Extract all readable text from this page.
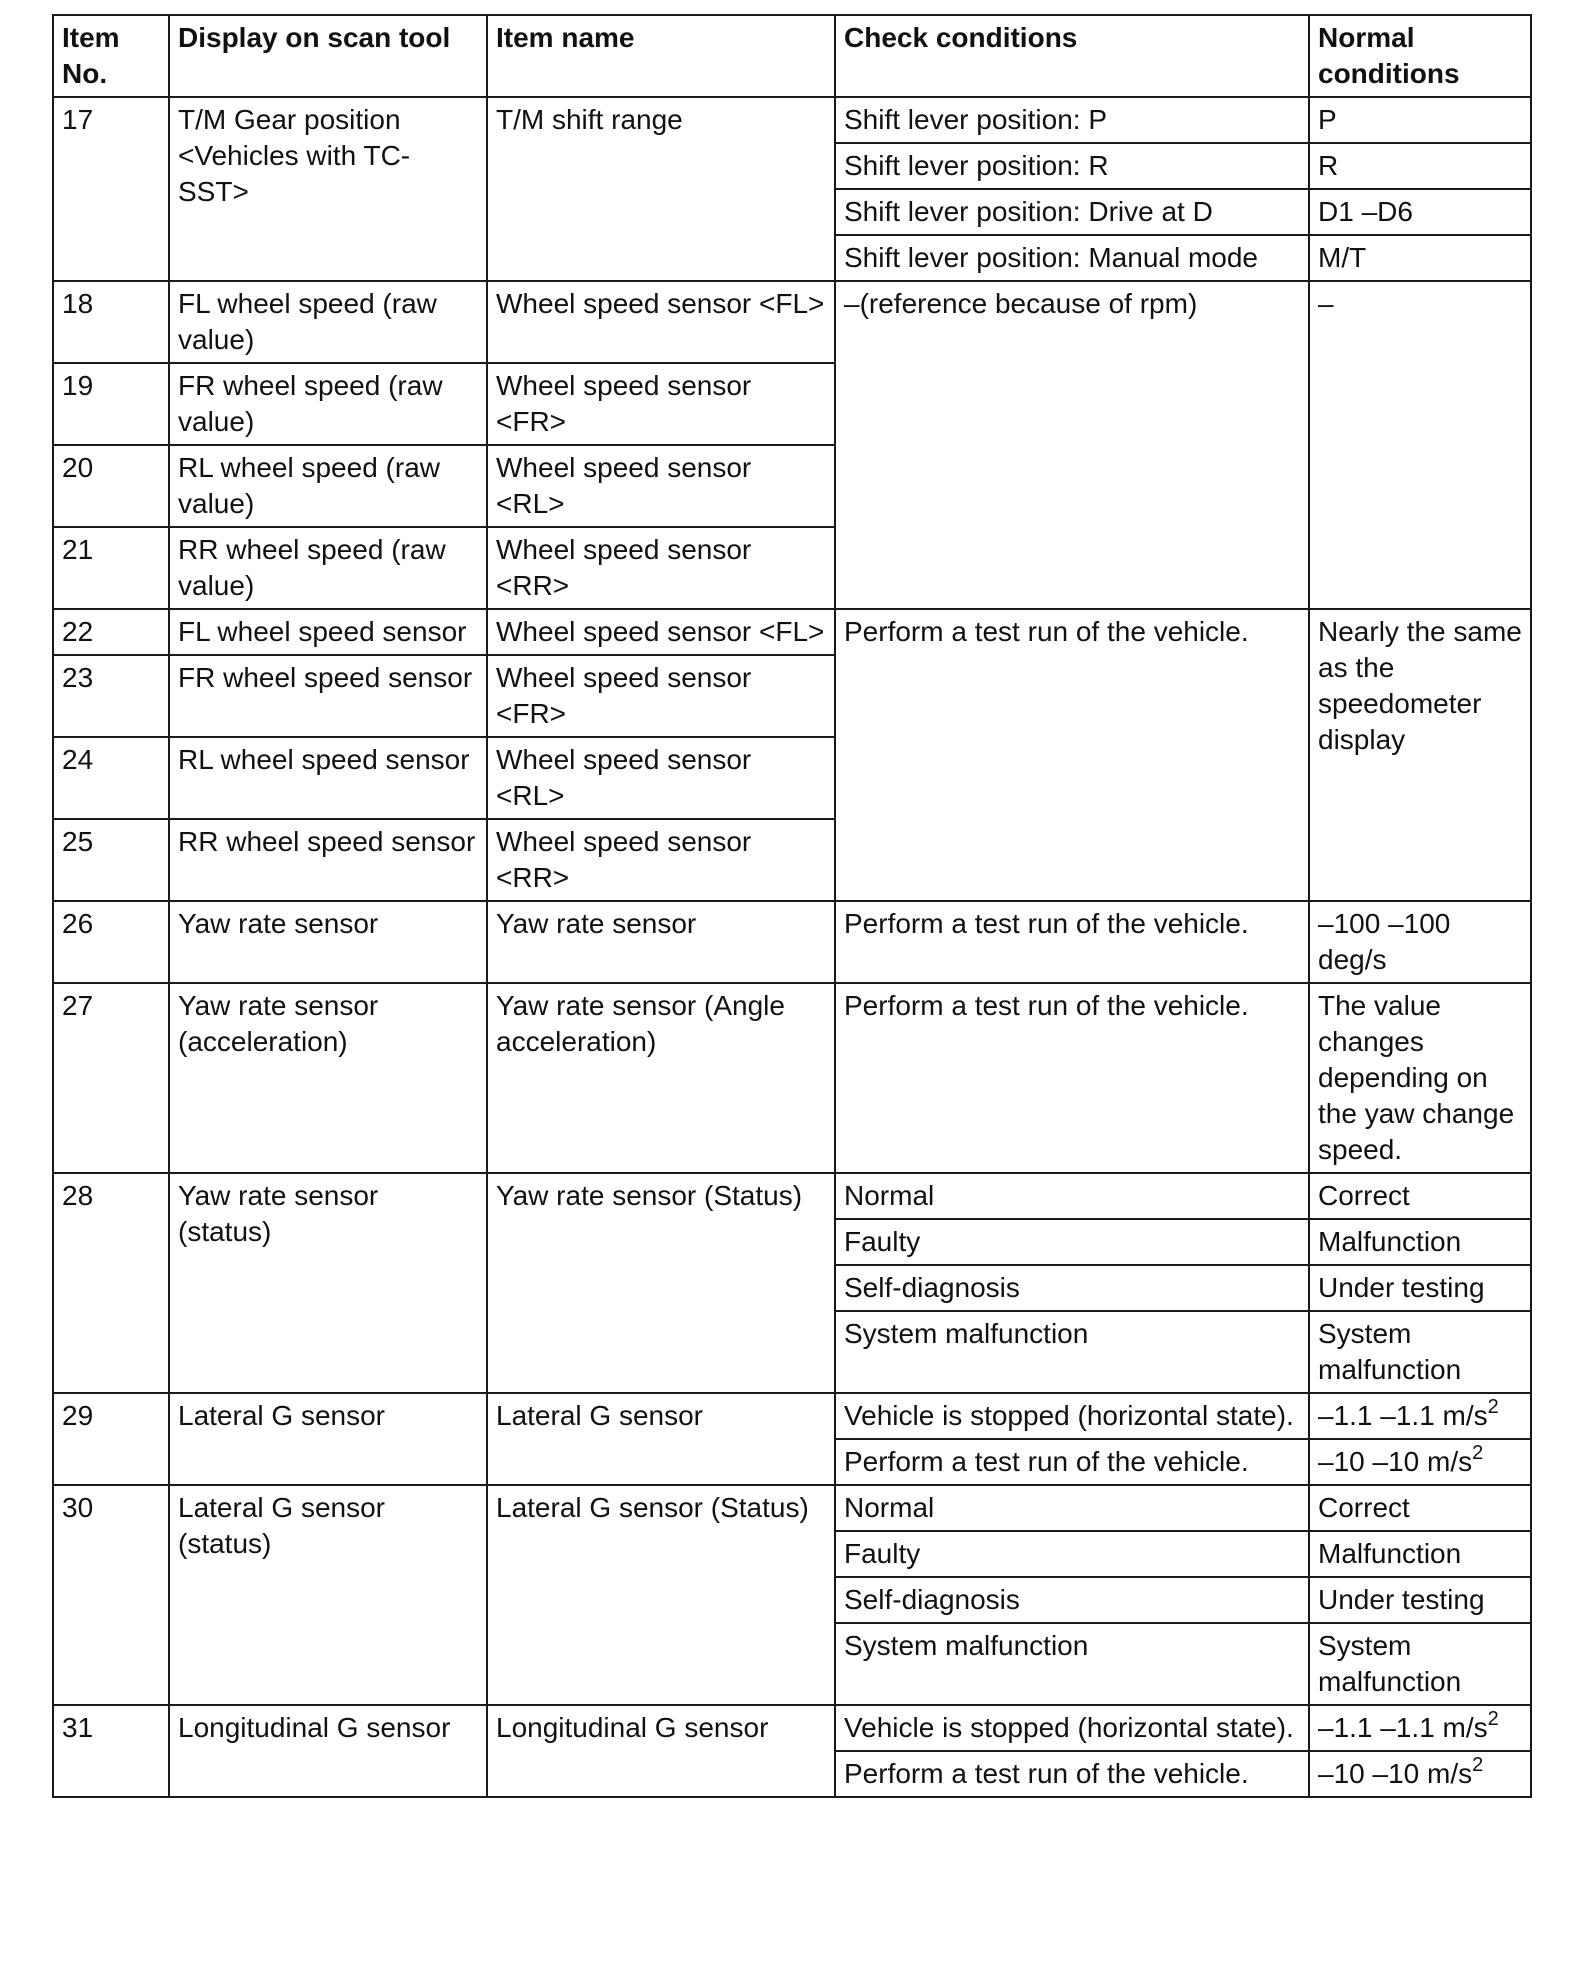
Item No.	Display on scan tool	Item name	Check conditions	Normal conditions
17	T/M Gear position <Vehicles with TC-SST>	T/M shift range	Shift lever position: P	P
			Shift lever position: R	R
			Shift lever position: Drive at D	D1 –D6
			Shift lever position: Manual mode	M/T
18	FL wheel speed (raw value)	Wheel speed sensor <FL>	–(reference because of rpm)	–
19	FR wheel speed (raw value)	Wheel speed sensor <FR>		
20	RL wheel speed (raw value)	Wheel speed sensor <RL>		
21	RR wheel speed (raw value)	Wheel speed sensor <RR>		
22	FL wheel speed sensor	Wheel speed sensor <FL>	Perform a test run of the vehicle.	Nearly the same as the speedometer display
23	FR wheel speed sensor	Wheel speed sensor <FR>		
24	RL wheel speed sensor	Wheel speed sensor <RL>		
25	RR wheel speed sensor	Wheel speed sensor <RR>		
26	Yaw rate sensor	Yaw rate sensor	Perform a test run of the vehicle.	–100 –100 deg/s
27	Yaw rate sensor (acceleration)	Yaw rate sensor (Angle acceleration)	Perform a test run of the vehicle.	The value changes depending on the yaw change speed.
28	Yaw rate sensor (status)	Yaw rate sensor (Status)	Normal	Correct
			Faulty	Malfunction
			Self-diagnosis	Under testing
			System malfunction	System malfunction
29	Lateral G sensor	Lateral G sensor	Vehicle is stopped (horizontal state).	–1.1 –1.1 $m/s^2$
			Perform a test run of the vehicle.	–10 –10 $m/s^2$
30	Lateral G sensor (status)	Lateral G sensor (Status)	Normal	Correct
			Faulty	Malfunction
			Self-diagnosis	Under testing
			System malfunction	System malfunction
31	Longitudinal G sensor	Longitudinal G sensor	Vehicle is stopped (horizontal state).	–1.1 –1.1 $m/s^2$
			Perform a test run of the vehicle.	–10 –10 $m/s^2$
